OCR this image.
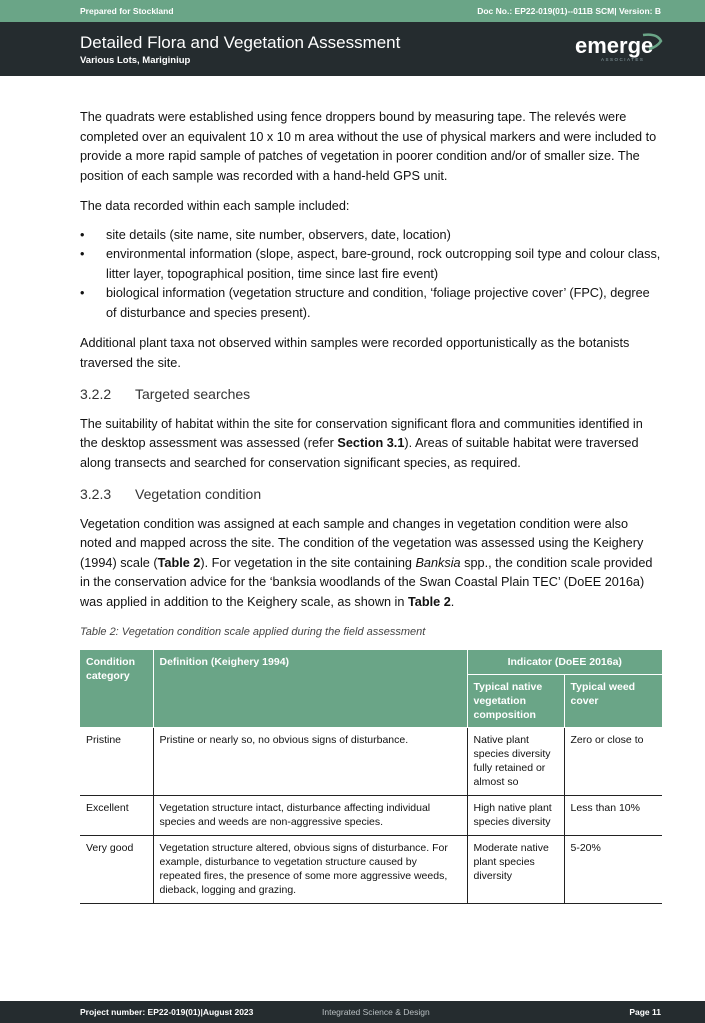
Prepared for Stockland	Doc No.: EP22-019(01)--011B SCM| Version: B
Detailed Flora and Vegetation Assessment
Various Lots, Mariginiup
emerge
ASSOCIATES

The quadrats were established using fence droppers bound by measuring tape. The relevés were completed over an equivalent 10 x 10 m area without the use of physical markers and were included to provide a more rapid sample of patches of vegetation in poorer condition and/or of smaller size. The position of each sample was recorded with a hand-held GPS unit.

The data recorded within each sample included:

• site details (site name, site number, observers, date, location)
• environmental information (slope, aspect, bare-ground, rock outcropping soil type and colour class, litter layer, topographical position, time since last fire event)
• biological information (vegetation structure and condition, ‘foliage projective cover’ (FPC), degree of disturbance and species present).

Additional plant taxa not observed within samples were recorded opportunistically as the botanists traversed the site.

3.2.2 Targeted searches

The suitability of habitat within the site for conservation significant flora and communities identified in the desktop assessment was assessed (refer Section 3.1). Areas of suitable habitat were traversed along transects and searched for conservation significant species, as required.

3.2.3 Vegetation condition

Vegetation condition was assigned at each sample and changes in vegetation condition were also noted and mapped across the site. The condition of the vegetation was assessed using the Keighery (1994) scale (Table 2). For vegetation in the site containing Banksia spp., the condition scale provided in the conservation advice for the ‘banksia woodlands of the Swan Coastal Plain TEC’ (DoEE 2016a) was applied in addition to the Keighery scale, as shown in Table 2.

Table 2: Vegetation condition scale applied during the field assessment
Condition category	Definition (Keighery 1994)	Indicator (DoEE 2016a)	
		Typical native vegetation composition	Typical weed cover
Pristine	Pristine or nearly so, no obvious signs of disturbance.	Native plant species diversity fully retained or almost so	Zero or close to
Excellent	Vegetation structure intact, disturbance affecting individual species and weeds are non-aggressive species.	High native plant species diversity	Less than 10%
Very good	Vegetation structure altered, obvious signs of disturbance. For example, disturbance to vegetation structure caused by repeated fires, the presence of some more aggressive weeds, dieback, logging and grazing.	Moderate native plant species diversity	5-20%
Project number: EP22-019(01)|August 2023	Integrated Science & Design	Page 11
